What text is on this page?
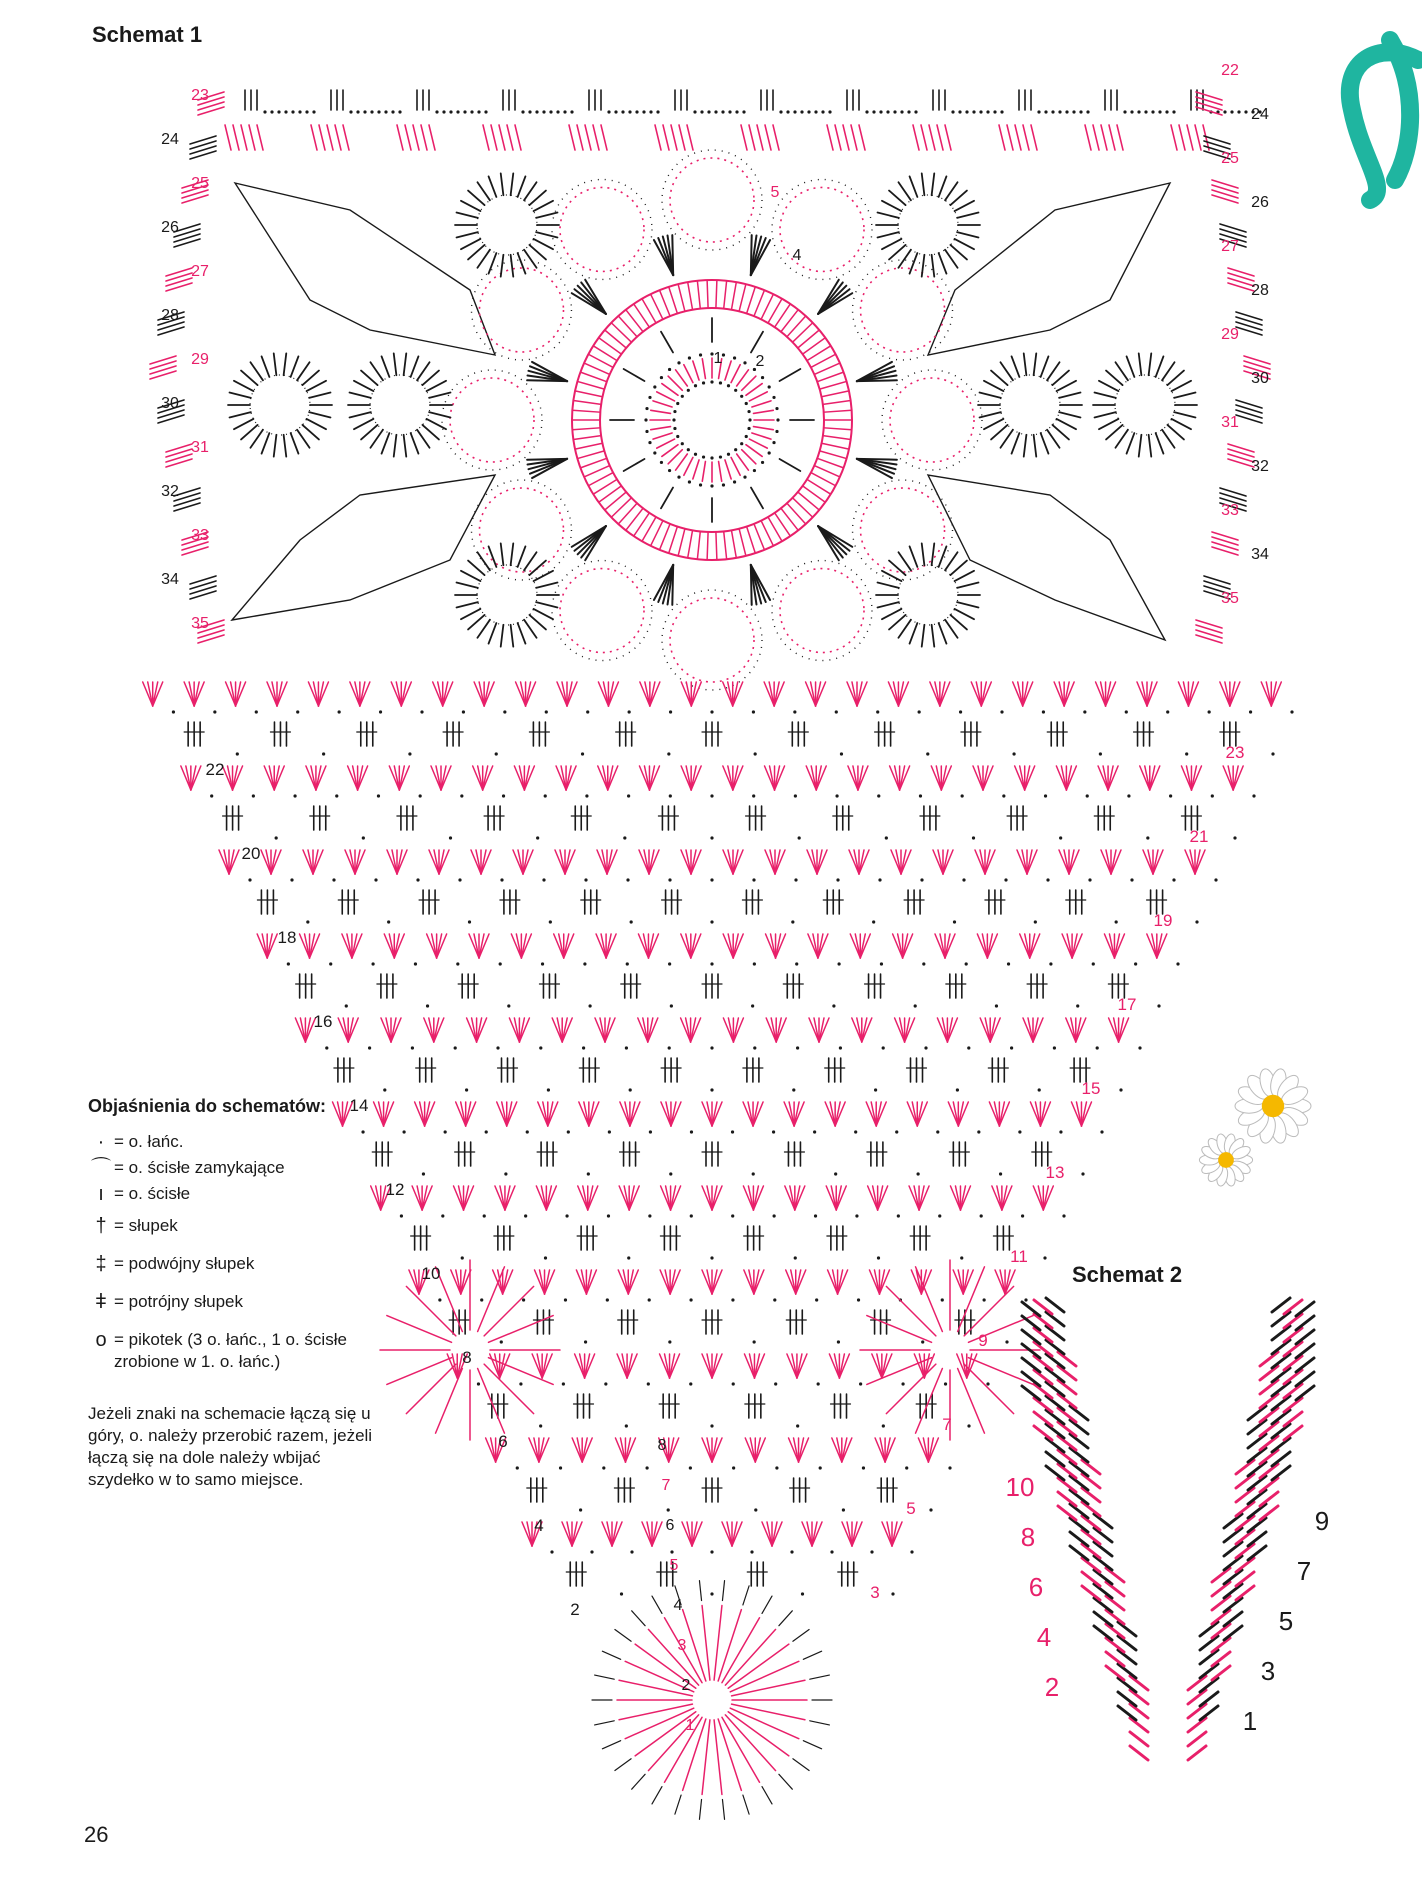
Schemat 1
Schemat 2
26
1 2
4
5
23
24
25
26
27
28
29
30
31
32
33
34
35
22
24
25
26
27
28
29
30
31
32
33
34
35
22
20
18
16
14
12
10
8
6
4
2
23
21
19
17
15
13
11
9
7
5
3
1
2
3
4
5
6
7
8
10
8
6
4
2
9
7
5
3
1
Objaśnienia do schematów:
· = o. łańc.
⌒ = o. ścisłe zamykające
ı = o. ścisłe
† = słupek
‡ = podwójny słupek
ǂ = potrójny słupek
o = pikotek (3 o. łańc., 1 o. ścisłe zrobione w 1. o. łańc.)
Jeżeli znaki na schemacie łączą się u góry, o. należy przerobić razem, jeżeli łączą się na dole należy wbijać szydełko w to samo miejsce.
